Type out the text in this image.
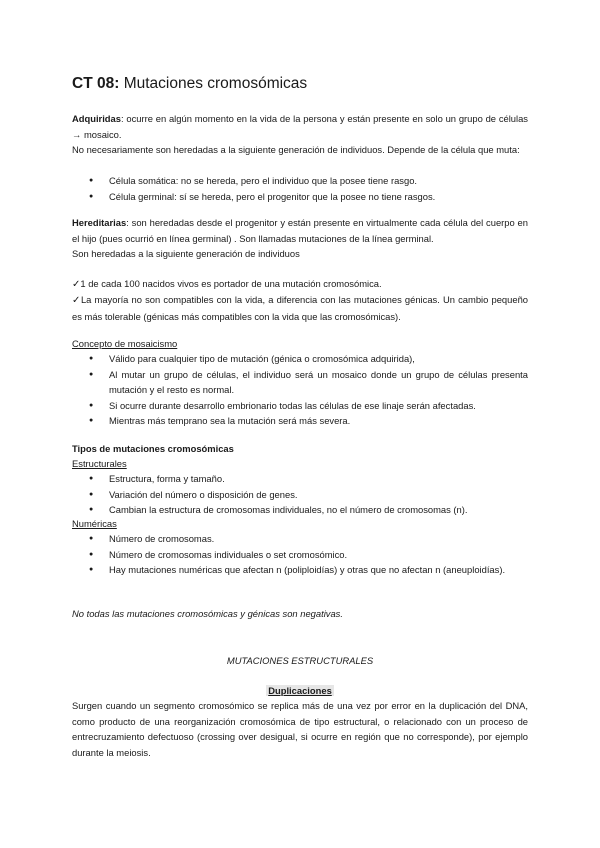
CT 08: Mutaciones cromosómicas

Adquiridas: ocurre en algún momento en la vida de la persona y están presente en solo un grupo de células → mosaico.

No necesariamente son heredadas a la siguiente generación de individuos. Depende de la célula que muta:

● Célula somática: no se hereda, pero el individuo que la posee tiene rasgo.
● Célula germinal: sí se hereda, pero el progenitor que la posee no tiene rasgos.

Hereditarias: son heredadas desde el progenitor y están presente en virtualmente cada célula del cuerpo en el hijo (pues ocurrió en línea germinal) . Son llamadas mutaciones de la línea germinal.

Son heredadas a la siguiente generación de individuos

✓1 de cada 100 nacidos vivos es portador de una mutación cromosómica.

✓La mayoría no son compatibles con la vida, a diferencia con las mutaciones génicas. Un cambio pequeño es más tolerable (génicas más compatibles con la vida que las cromosómicas).

Concepto de mosaicismo

● Válido para cualquier tipo de mutación (génica o cromosómica adquirida),
● Al mutar un grupo de células, el individuo será un mosaico donde un grupo de células presenta mutación y el resto es normal.
● Si ocurre durante desarrollo embrionario todas las células de ese linaje serán afectadas.
● Mientras más temprano sea la mutación será más severa.

Tipos de mutaciones cromosómicas

Estructurales

● Estructura, forma y tamaño.
● Variación del número o disposición de genes.
● Cambian la estructura de cromosomas individuales, no el número de cromosomas (n).

Numéricas

● Número de cromosomas.
● Número de cromosomas individuales o set cromosómico.
● Hay mutaciones numéricas que afectan n (poliploidías) y otras que no afectan n (aneuploidías).

No todas las mutaciones cromosómicas y génicas son negativas.

MUTACIONES ESTRUCTURALES

Duplicaciones

Surgen cuando un segmento cromosómico se replica más de una vez por error en la duplicación del DNA, como producto de una reorganización cromosómica de tipo estructural, o relacionado con un proceso de entrecruzamiento defectuoso (crossing over desigual, si ocurre en región que no corresponde), por ejemplo durante la meiosis.
